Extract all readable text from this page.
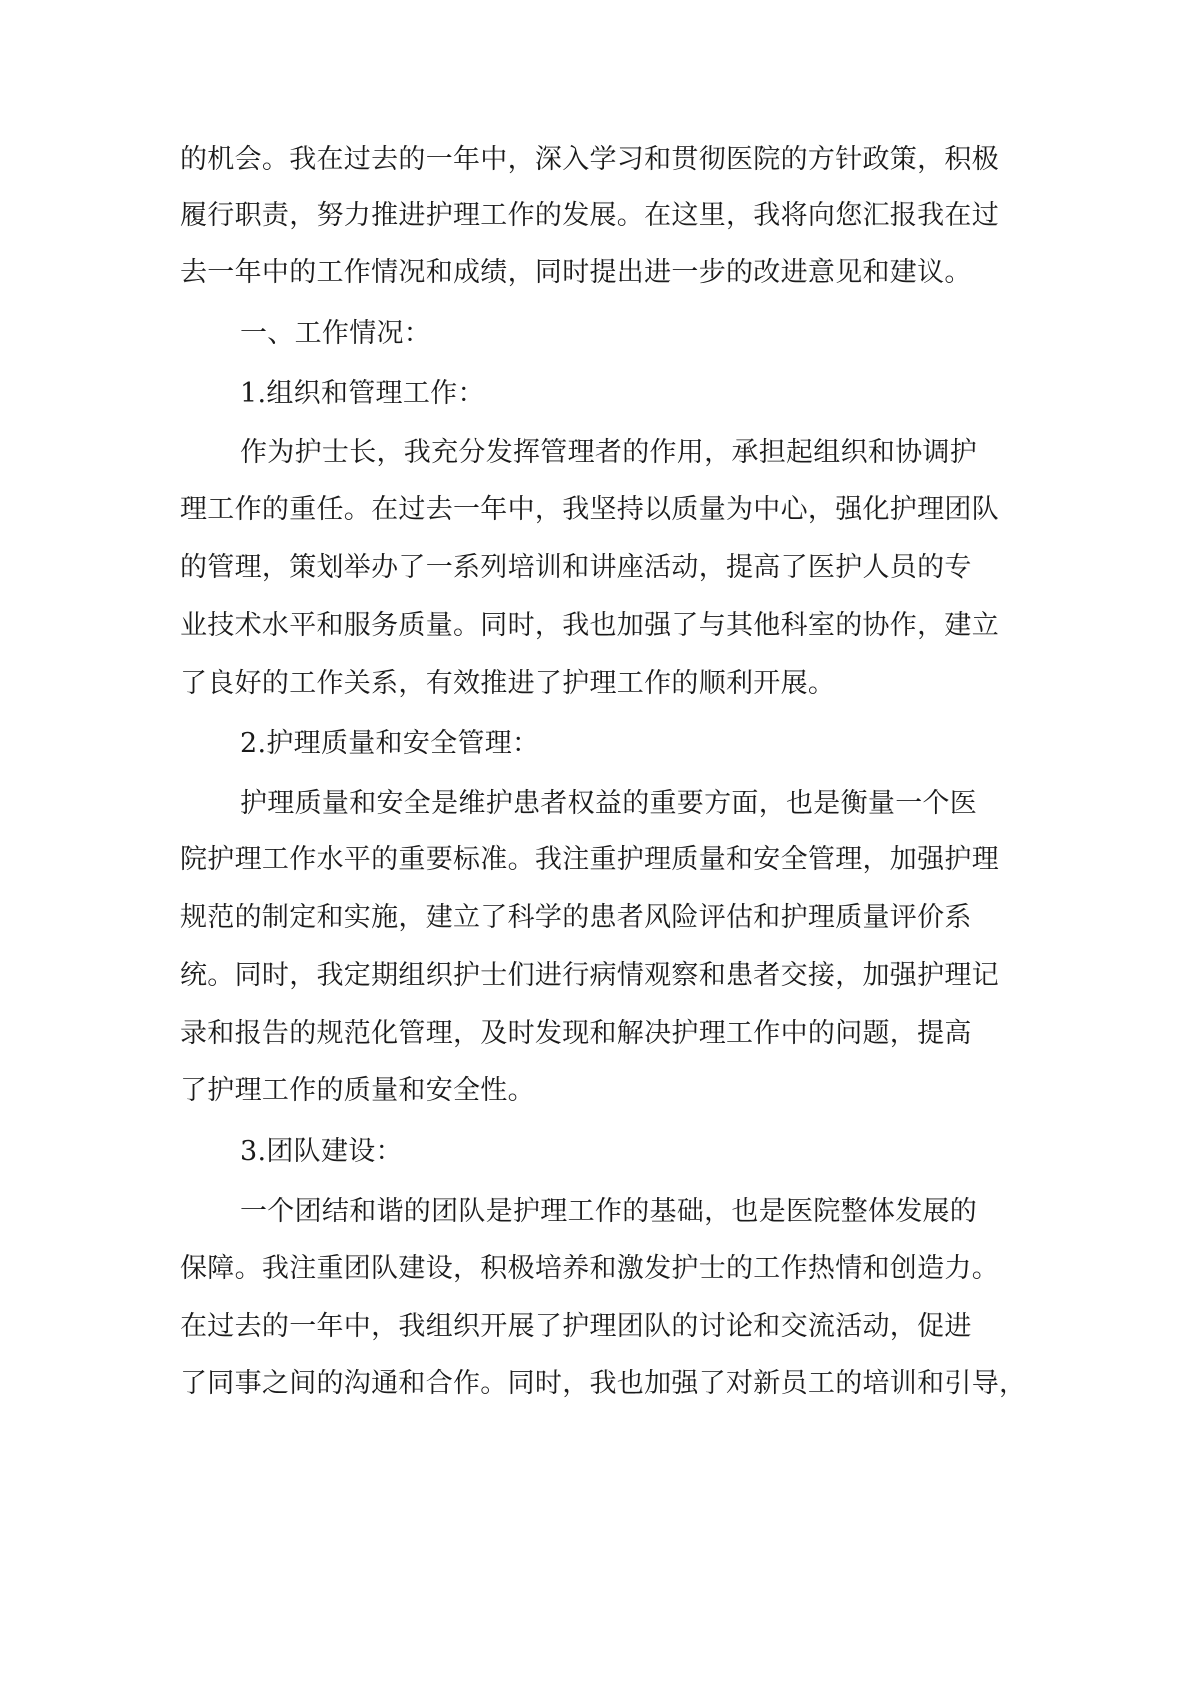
的机会。我在过去的一年中，深入学习和贯彻医院的方针政策，积极

履行职责，努力推进护理工作的发展。在这里，我将向您汇报我在过

去一年中的工作情况和成绩，同时提出进一步的改进意见和建议。

一、工作情况：

1.组织和管理工作：

作为护士长，我充分发挥管理者的作用，承担起组织和协调护

理工作的重任。在过去一年中，我坚持以质量为中心，强化护理团队

的管理，策划举办了一系列培训和讲座活动，提高了医护人员的专

业技术水平和服务质量。同时，我也加强了与其他科室的协作，建立

了良好的工作关系，有效推进了护理工作的顺利开展。

2.护理质量和安全管理：

护理质量和安全是维护患者权益的重要方面，也是衡量一个医

院护理工作水平的重要标准。我注重护理质量和安全管理，加强护理

规范的制定和实施，建立了科学的患者风险评估和护理质量评价系

统。同时，我定期组织护士们进行病情观察和患者交接，加强护理记

录和报告的规范化管理，及时发现和解决护理工作中的问题，提高

了护理工作的质量和安全性。

3.团队建设：

一个团结和谐的团队是护理工作的基础，也是医院整体发展的

保障。我注重团队建设，积极培养和激发护士的工作热情和创造力。

在过去的一年中，我组织开展了护理团队的讨论和交流活动，促进

了同事之间的沟通和合作。同时，我也加强了对新员工的培训和引导，
